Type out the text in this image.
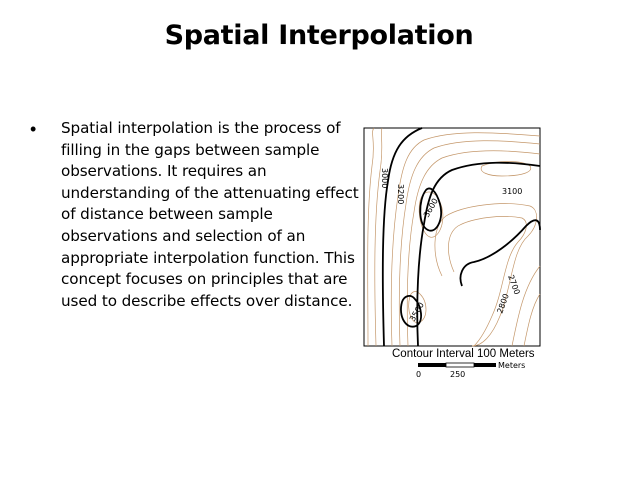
Spatial Interpolation
• Spatial interpolation is the process of filling in the gaps between sample observations. It requires an understanding of the attenuating effect of distance between sample observations and selection of an appropriate interpolation function. This concept focuses on principles that are used to describe effects over distance.
3000
3200
3600
3100
2700
2800
3500
Contour Interval 100 Meters
0	250
Meters
